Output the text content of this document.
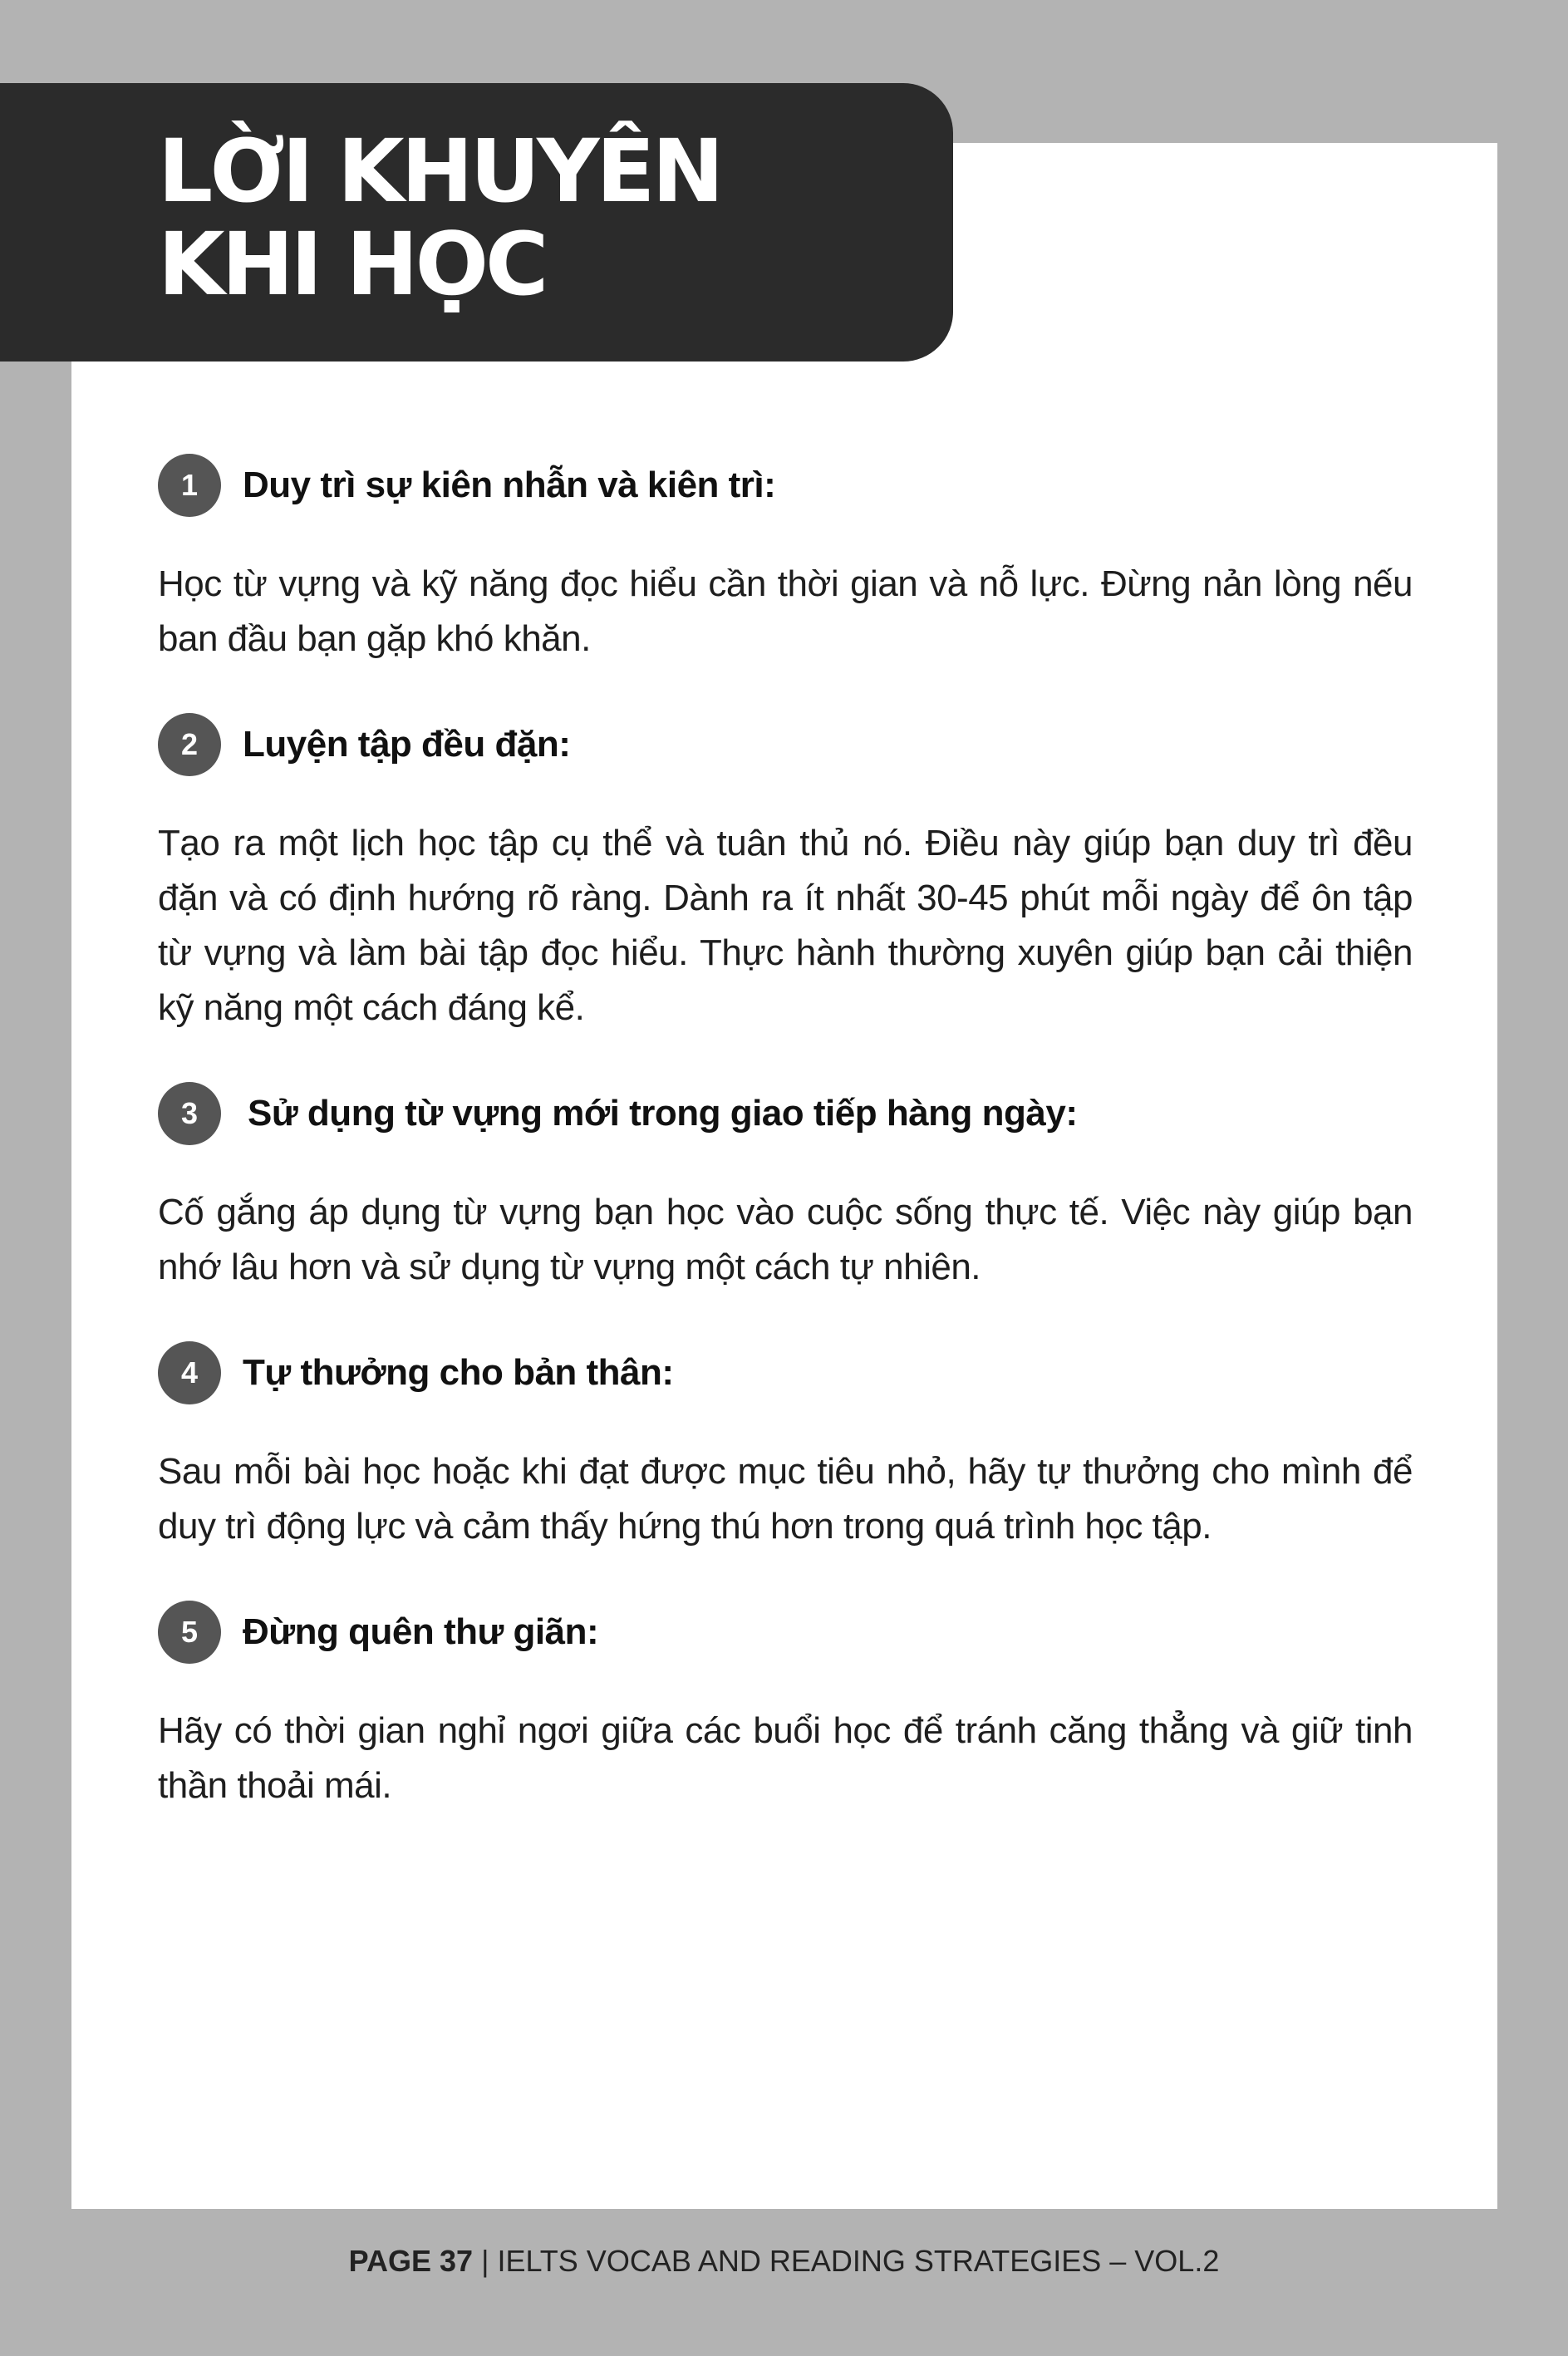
LỜI KHUYÊN
KHI HỌC
1	Duy trì sự kiên nhẫn và kiên trì:

Học từ vựng và kỹ năng đọc hiểu cần thời gian và nỗ lực. Đừng nản lòng nếu ban đầu bạn gặp khó khăn.

2	Luyện tập đều đặn:

Tạo ra một lịch học tập cụ thể và tuân thủ nó. Điều này giúp bạn duy trì đều đặn và có định hướng rõ ràng. Dành ra ít nhất 30-45 phút mỗi ngày để ôn tập từ vựng và làm bài tập đọc hiểu. Thực hành thường xuyên giúp bạn cải thiện kỹ năng một cách đáng kể.

3	Sử dụng từ vựng mới trong giao tiếp hàng ngày:

Cố gắng áp dụng từ vựng bạn học vào cuộc sống thực tế. Việc này giúp bạn nhớ lâu hơn và sử dụng từ vựng một cách tự nhiên.

4	Tự thưởng cho bản thân:

Sau mỗi bài học hoặc khi đạt được mục tiêu nhỏ, hãy tự thưởng cho mình để duy trì động lực và cảm thấy hứng thú hơn trong quá trình học tập.

5	Đừng quên thư giãn:

Hãy có thời gian nghỉ ngơi giữa các buổi học để tránh căng thẳng và giữ tinh thần thoải mái.

PAGE 37 | IELTS VOCAB AND READING STRATEGIES – VOL.2
